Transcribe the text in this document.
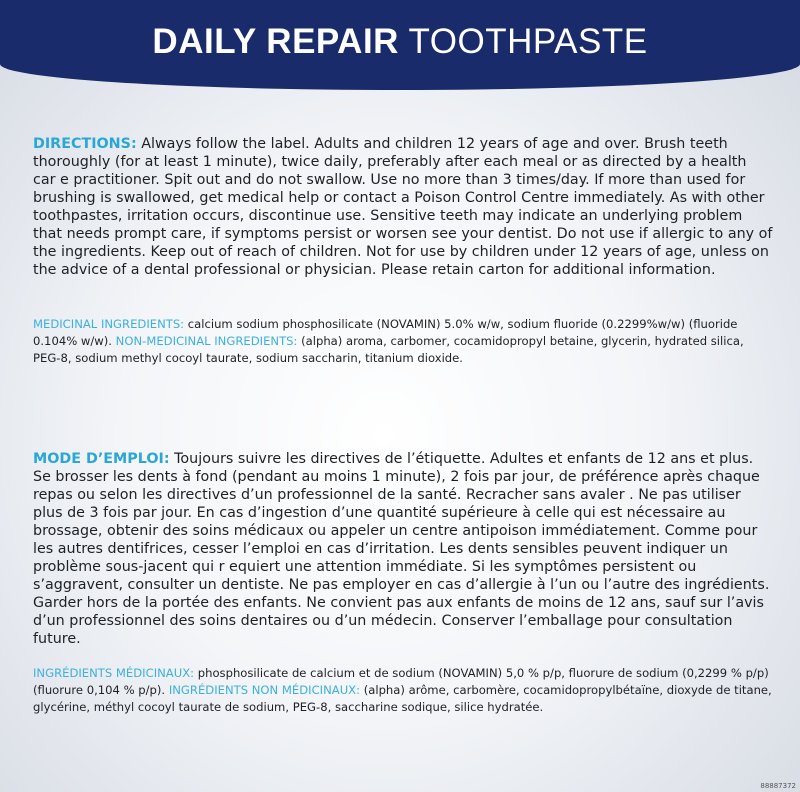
DAILY REPAIR TOOTHPASTE

DIRECTIONS: Always follow the label. Adults and children 12 years of age and over. Brush teeth thoroughly (for at least 1 minute), twice daily, preferably after each meal or as directed by a health car e practitioner. Spit out and do not swallow. Use no more than 3 times/day. If more than used for brushing is swallowed, get medical help or contact a Poison Control Centre immediately. As with other toothpastes, irritation occurs, discontinue use. Sensitive teeth may indicate an underlying problem that needs prompt care, if symptoms persist or worsen see your dentist. Do not use if allergic to any of the ingredients. Keep out of reach of children. Not for use by children under 12 years of age, unless on the advice of a dental professional or physician. Please retain carton for additional information.

MEDICINAL INGREDIENTS: calcium sodium phosphosilicate (NOVAMIN) 5.0% w/w, sodium fluoride (0.2299%w/w) (fluoride 0.104% w/w). NON-MEDICINAL INGREDIENTS: (alpha) aroma, carbomer, cocamidopropyl betaine, glycerin, hydrated silica, PEG-8, sodium methyl cocoyl taurate, sodium saccharin, titanium dioxide.

MODE D’EMPLOI: Toujours suivre les directives de l’étiquette. Adultes et enfants de 12 ans et plus. Se brosser les dents à fond (pendant au moins 1 minute), 2 fois par jour, de préférence après chaque repas ou selon les directives d’un professionnel de la santé. Recracher sans avaler . Ne pas utiliser plus de 3 fois par jour. En cas d’ingestion d’une quantité supérieure à celle qui est nécessaire au brossage, obtenir des soins médicaux ou appeler un centre antipoison immédiatement. Comme pour les autres dentifrices, cesser l’emploi en cas d’irritation. Les dents sensibles peuvent indiquer un problème sous-jacent qui r equiert une attention immédiate. Si les symptômes persistent ou s’aggravent, consulter un dentiste. Ne pas employer en cas d’allergie à l’un ou l’autre des ingrédients. Garder hors de la portée des enfants. Ne convient pas aux enfants de moins de 12 ans, sauf sur l’avis d’un professionnel des soins dentaires ou d’un médecin. Conserver l’emballage pour consultation future.

INGRÉDIENTS MÉDICINAUX: phosphosilicate de calcium et de sodium (NOVAMIN) 5,0 % p/p, fluorure de sodium (0,2299 % p/p) (fluorure 0,104 % p/p). INGRÉDIENTS NON MÉDICINAUX: (alpha) arôme, carbomère, cocamidopropylbétaïne, dioxyde de titane, glycérine, méthyl cocoyl taurate de sodium, PEG-8, saccharine sodique, silice hydratée.

88887372
